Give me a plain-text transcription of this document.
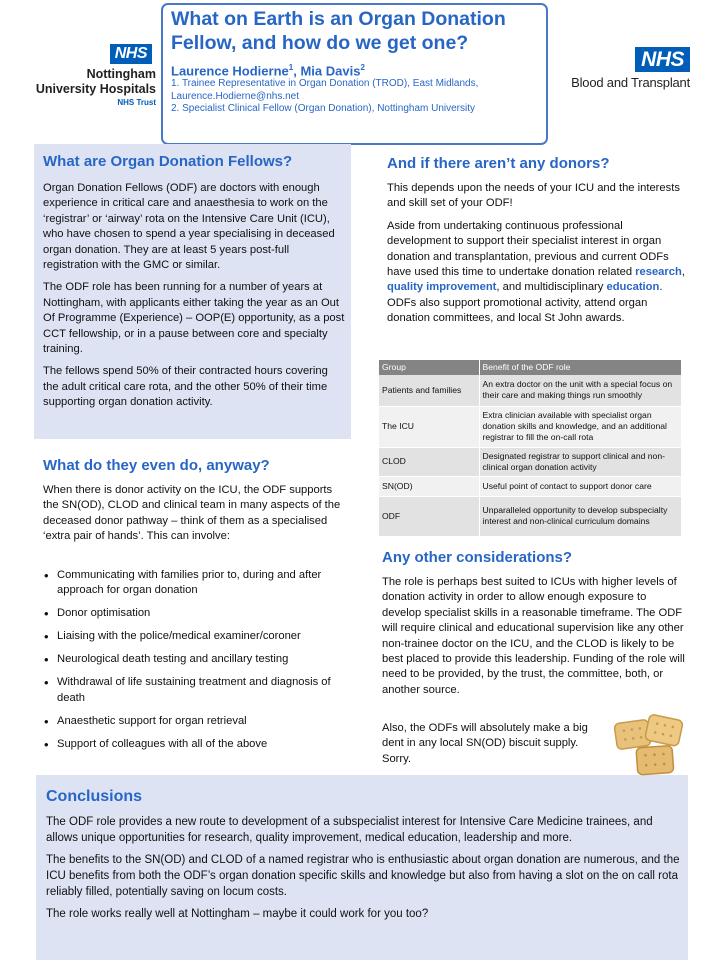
NHS
Nottingham
University Hospitals
NHS Trust
NHS
Blood and Transplant
What on Earth is an Organ Donation Fellow, and how do we get one?
Laurence Hodierne$^1$, Mia Davis$^2$
1. Trainee Representative in Organ Donation (TROD), East Midlands,
Laurence.Hodierne@nhs.net
2. Specialist Clinical Fellow (Organ Donation), Nottingham University
What are Organ Donation Fellows?

Organ Donation Fellows (ODF) are doctors with enough experience in critical care and anaesthesia to work on the ‘registrar’ or ‘airway’ rota on the Intensive Care Unit (ICU), who have chosen to spend a year specialising in deceased organ donation. They are at least 5 years post-full registration with the GMC or similar.

The ODF role has been running for a number of years at Nottingham, with applicants either taking the year as an Out Of Programme (Experience) – OOP(E) opportunity, as a post CCT fellowship, or in a pause between core and specialty training.

The fellows spend 50% of their contracted hours covering the adult critical care rota, and the other 50% of their time supporting organ donation activity.

What do they even do, anyway?

When there is donor activity on the ICU, the ODF supports the SN(OD), CLOD and clinical team in many aspects of the deceased donor pathway – think of them as a specialised ‘extra pair of hands’. This can involve:

• Communicating with families prior to, during and after approach for organ donation
• Donor optimisation
• Liaising with the police/medical examiner/coroner
• Neurological death testing and ancillary testing
• Withdrawal of life sustaining treatment and diagnosis of death
• Anaesthetic support for organ retrieval
• Support of colleagues with all of the above
And if there aren’t any donors?

This depends upon the needs of your ICU and the interests and skill set of your ODF!

Aside from undertaking continuous professional development to support their specialist interest in organ donation and transplantation, previous and current ODFs have used this time to undertake donation related research, quality improvement, and multidisciplinary education. ODFs also support promotional activity, attend organ donation committees, and local St John awards.

Group	Benefit of the ODF role
Patients and families	An extra doctor on the unit with a special focus on their care and making things run smoothly
The ICU	Extra clinician available with specialist organ donation skills and knowledge, and an additional registrar to fill the on-call rota
CLOD	Designated registrar to support clinical and non-clinical organ donation activity
SN(OD)	Useful point of contact to support donor care
ODF	Unparalleled opportunity to develop subspecialty interest and non-clinical curriculum domains
Any other considerations?

The role is perhaps best suited to ICUs with higher levels of donation activity in order to allow enough exposure to develop specialist skills in a reasonable timeframe. The ODF will require clinical and educational supervision like any other non-trainee doctor on the ICU, and the CLOD is likely to be best placed to provide this leadership. Funding of the role will need to be provided, by the trust, the committee, both, or another source.

Also, the ODFs will absolutely make a big dent in any local SN(OD) biscuit supply. Sorry.

Conclusions

The ODF role provides a new route to development of a subspecialist interest for Intensive Care Medicine trainees, and allows unique opportunities for research, quality improvement, medical education, leadership and more.

The benefits to the SN(OD) and CLOD of a named registrar who is enthusiastic about organ donation are numerous, and the ICU benefits from both the ODF’s organ donation specific skills and knowledge but also from having a slot on the on call rota reliably filled, potentially saving on locum costs.

The role works really well at Nottingham – maybe it could work for you too?
